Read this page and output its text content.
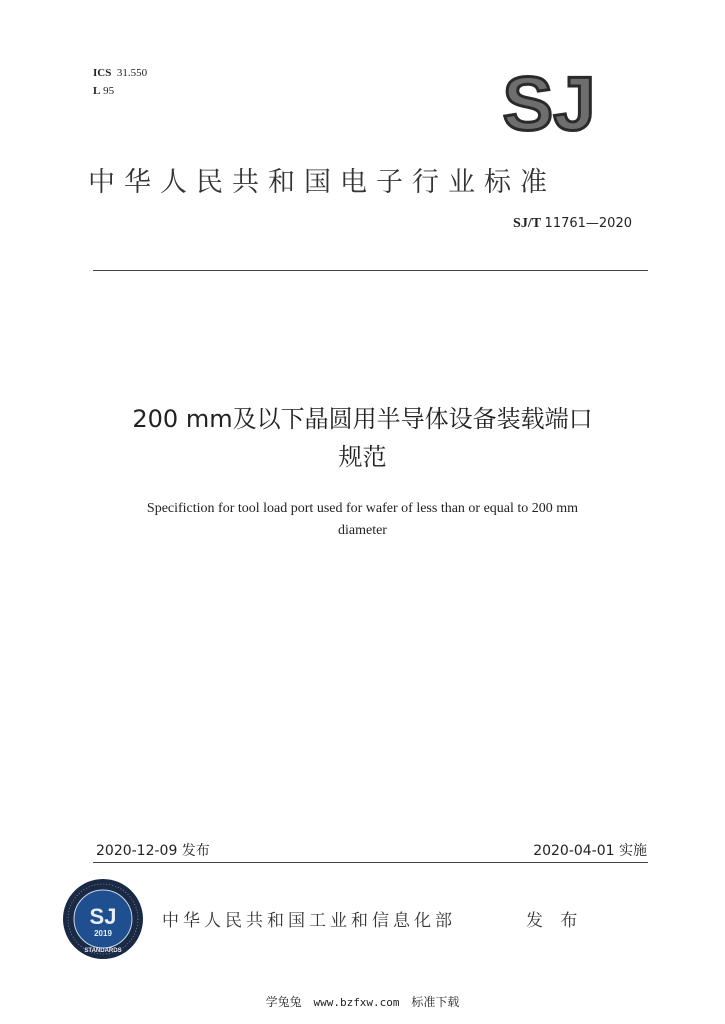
ICS 31.550
L 95	SJ
中华人民共和国电子行业标准
SJ/T 11761—2020
200 mm及以下晶圆用半导体设备装载端口
规范
Specifiction for tool load port used for wafer of less than or equal to 200 mm
diameter
2020-12-09 发布	2020-04-01 实施
SJ
2019
STANDARDS
中华人民共和国工业和信息化部	发 布
学兔兔 www.bzfxw.com 标准下载
